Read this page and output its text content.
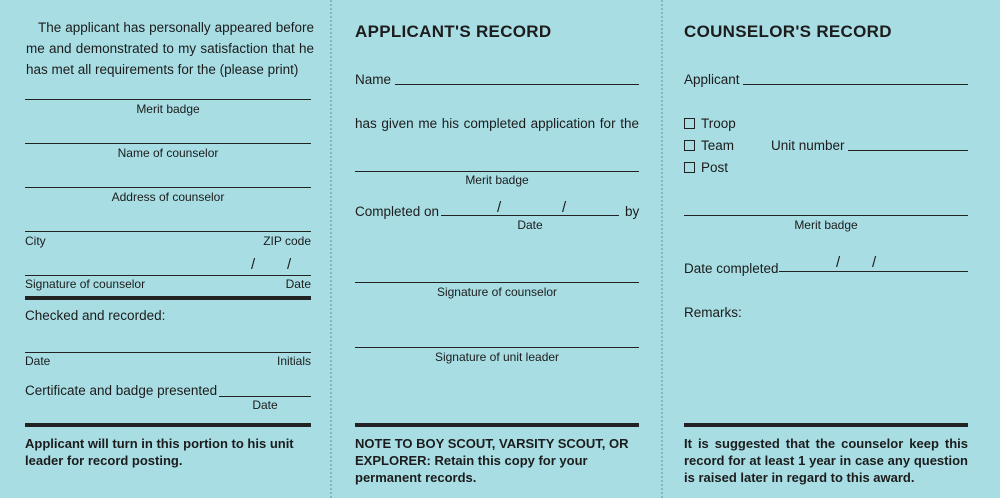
The applicant has personally appeared before me and demonstrated to my satisfaction that he has met all requirements for the (please print)
Merit badge
Name of counselor
Address of counselor
City	ZIP code
/ /
Signature of counselor	Date
Checked and recorded:
Date	Initials
Certificate and badge presented
Date
Applicant will turn in this portion to his unit leader for record posting.
APPLICANT'S RECORD
Name
has given me his completed application for the
Merit badge
Completed on	/	/	by
Date
Signature of counselor
Signature of unit leader
NOTE TO BOY SCOUT, VARSITY SCOUT, OR EXPLORER: Retain this copy for your permanent records.
COUNSELOR'S RECORD
Applicant
Troop
Team
Post
Unit number
Merit badge
Date completed	/ /
Remarks:
It is suggested that the counselor keep this record for at least 1 year in case any question is raised later in regard to this award.
